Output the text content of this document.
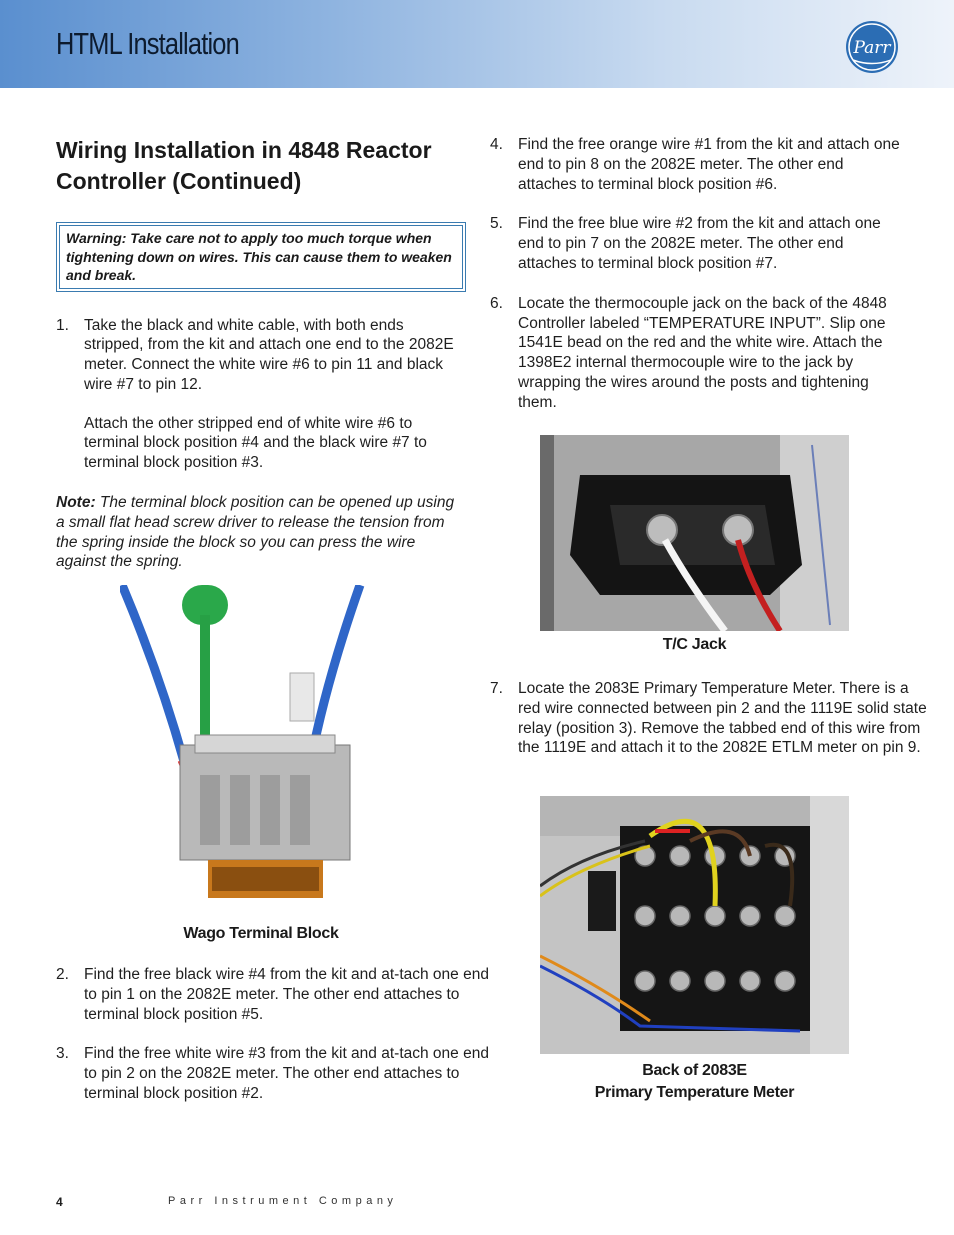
HTML Installation	Parr
Wiring Installation in 4848 Reactor Controller (Continued)
Warning: Take care not to apply too much torque when tightening down on wires. This can cause them to weaken and break.
1. Take the black and white cable, with both ends stripped, from the kit and attach one end to the 2082E meter. Connect the white wire #6 to pin 11 and black wire #7 to pin 12.
Attach the other stripped end of white wire #6 to terminal block position #4 and the black wire #7 to terminal block position #3.
Note: The terminal block position can be opened up using a small flat head screw driver to release the tension from the spring inside the block so you can press the wire against the spring.
Wago Terminal Block
2. Find the free black wire #4 from the kit and at-tach one end to pin 1 on the 2082E meter. The other end attaches to terminal block position #5.
3. Find the free white wire #3 from the kit and at-tach one end to pin 2 on the 2082E meter. The other end attaches to terminal block position #2.
4. Find the free orange wire #1 from the kit and attach one end to pin 8 on the 2082E meter. The other end attaches to terminal block position #6.
5. Find the free blue wire #2 from the kit and attach one end to pin 7 on the 2082E meter. The other end attaches to terminal block position #7.
6. Locate the thermocouple jack on the back of the 4848 Controller labeled “TEMPERATURE INPUT”. Slip one 1541E bead on the red and the white wire. Attach the 1398E2 internal thermocouple wire to the jack by wrapping the wires around the posts and tightening them.
T/C Jack
7. Locate the 2083E Primary Temperature Meter. There is a red wire connected between pin 2 and the 1119E solid state relay (position 3). Remove the tabbed end of this wire from the 1119E and attach it to the 2082E ETLM meter on pin 9.
Back of 2083E
Primary Temperature Meter
4	Parr Instrument Company
